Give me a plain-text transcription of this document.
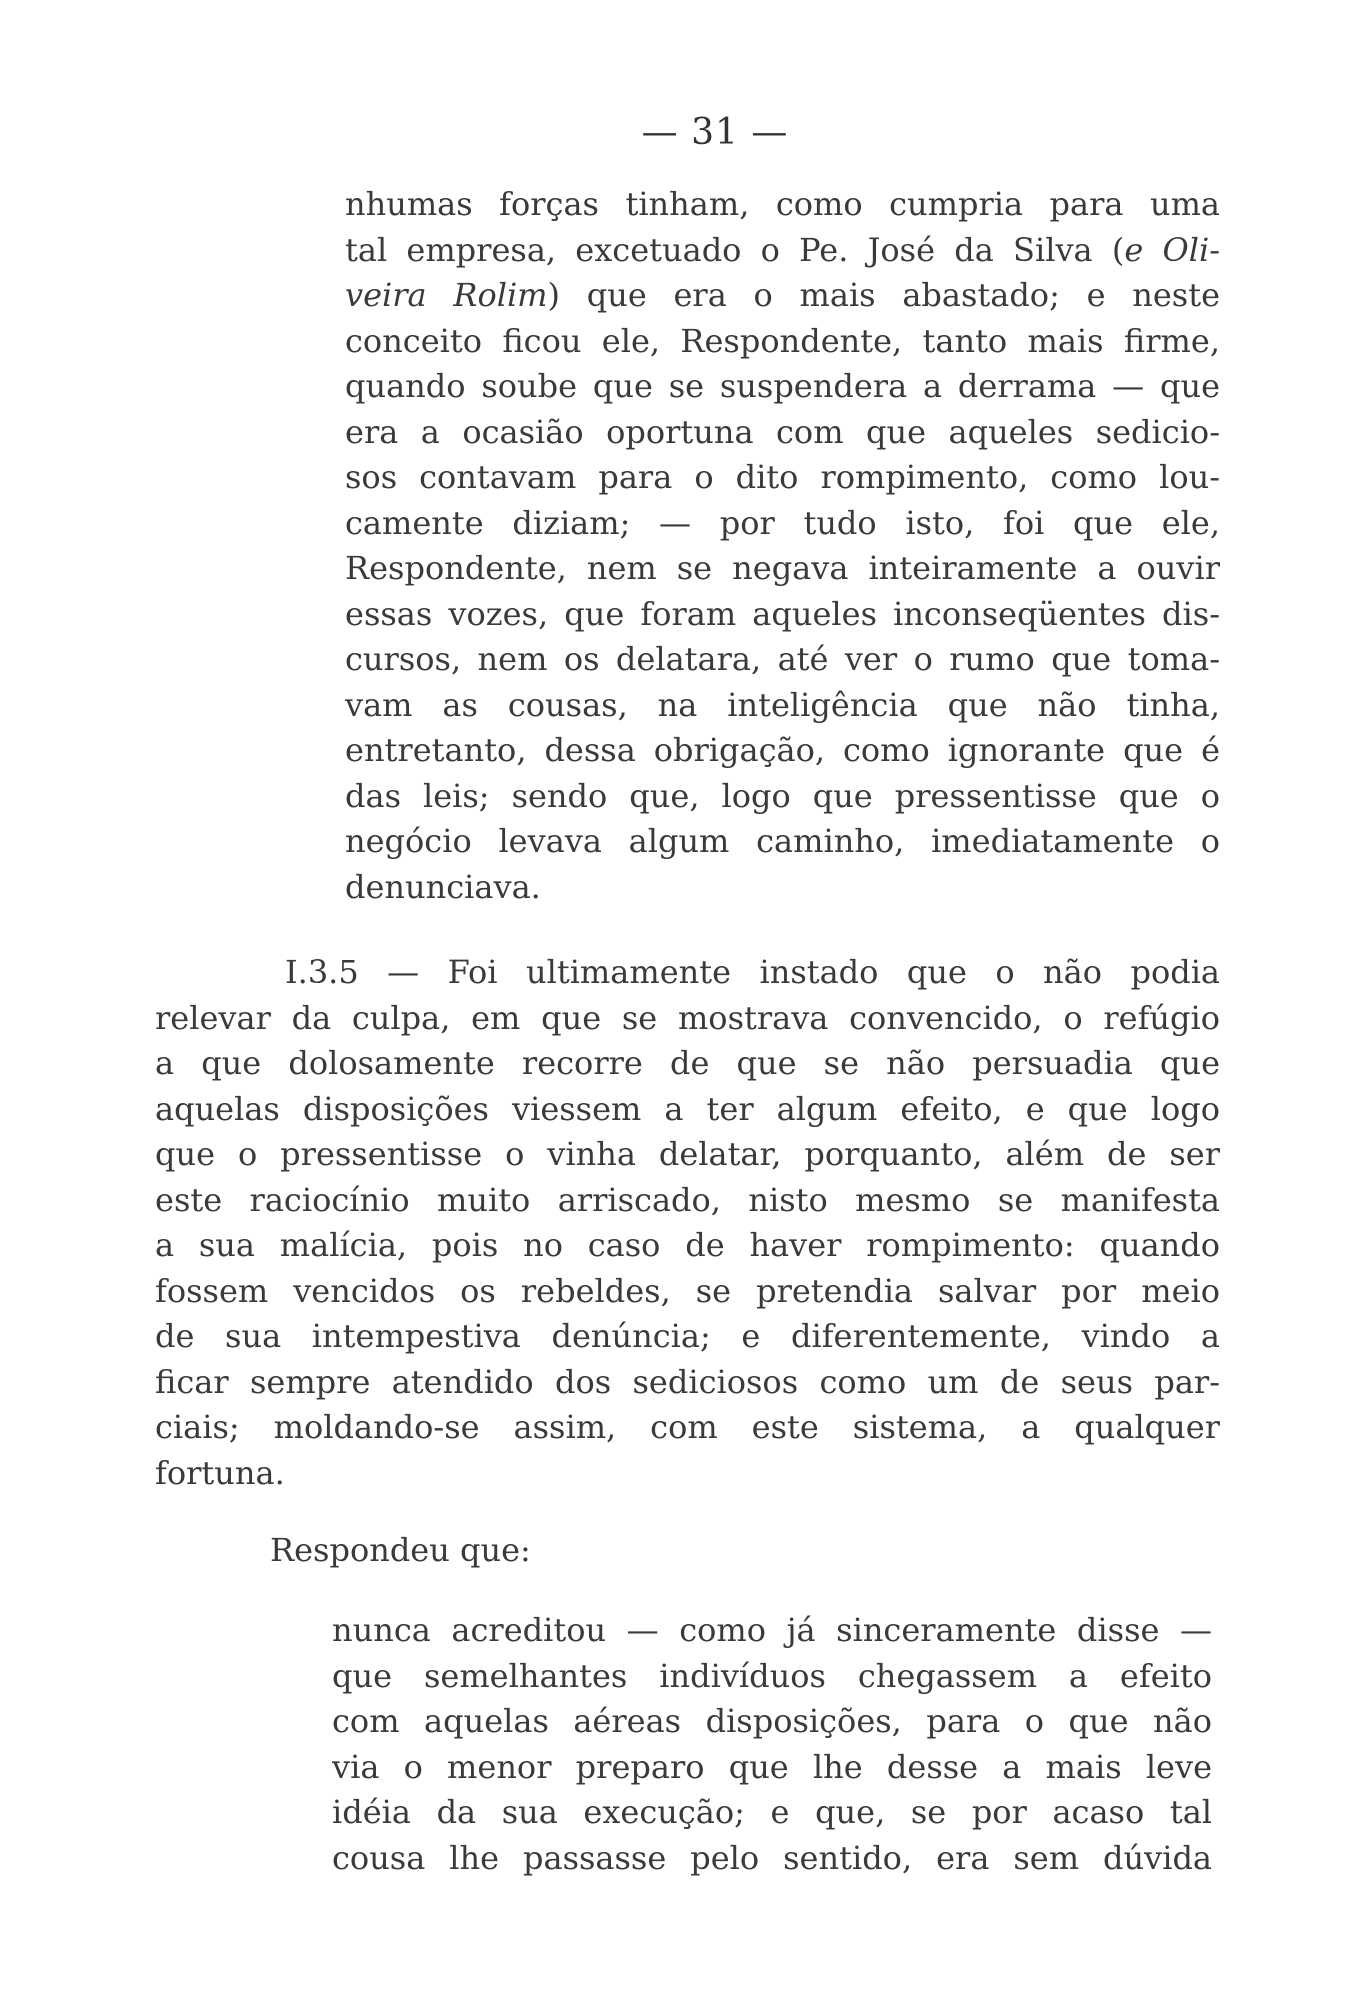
— 31 —
nhumas forças tinham, como cumpria para uma
tal empresa, excetuado o Pe. José da Silva (e Oli-
veira Rolim) que era o mais abastado; e neste
conceito ficou ele, Respondente, tanto mais firme,
quando soube que se suspendera a derrama — que
era a ocasião oportuna com que aqueles sedicio-
sos contavam para o dito rompimento, como lou-
camente diziam; — por tudo isto, foi que ele,
Respondente, nem se negava inteiramente a ouvir
essas vozes, que foram aqueles inconseqüentes dis-
cursos, nem os delatara, até ver o rumo que toma-
vam as cousas, na inteligência que não tinha,
entretanto, dessa obrigação, como ignorante que é
das leis; sendo que, logo que pressentisse que o
negócio levava algum caminho, imediatamente o
denunciava.
I.3.5 — Foi ultimamente instado que o não podia
relevar da culpa, em que se mostrava convencido, o refúgio
a que dolosamente recorre de que se não persuadia que
aquelas disposições viessem a ter algum efeito, e que logo
que o pressentisse o vinha delatar, porquanto, além de ser
este raciocínio muito arriscado, nisto mesmo se manifesta
a sua malícia, pois no caso de haver rompimento: quando
fossem vencidos os rebeldes, se pretendia salvar por meio
de sua intempestiva denúncia; e diferentemente, vindo a
ficar sempre atendido dos sediciosos como um de seus par-
ciais; moldando-se assim, com este sistema, a qualquer
fortuna.
Respondeu que:
nunca acreditou — como já sinceramente disse —
que semelhantes indivíduos chegassem a efeito
com aquelas aéreas disposições, para o que não
via o menor preparo que lhe desse a mais leve
idéia da sua execução; e que, se por acaso tal
cousa lhe passasse pelo sentido, era sem dúvida
